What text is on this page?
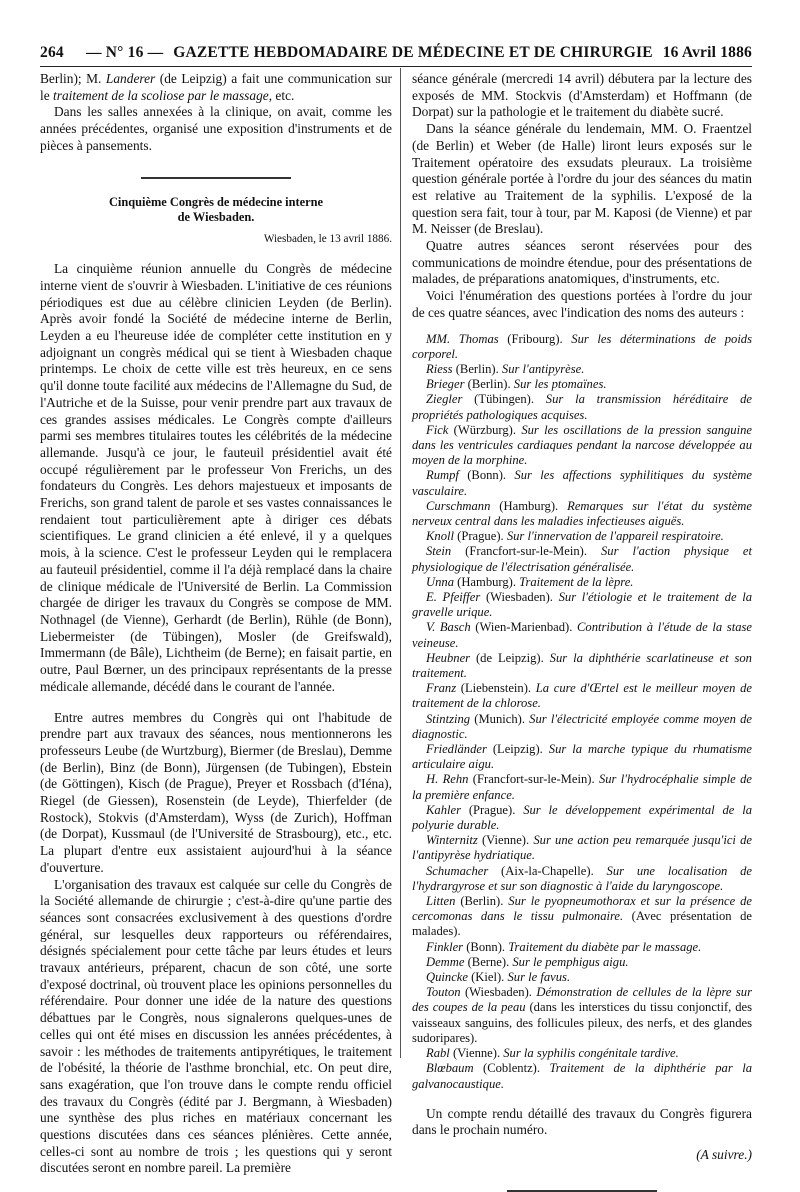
264	— N° 16 — GAZETTE HEBDOMADAIRE DE MÉDECINE ET DE CHIRURGIE 16 Avril 1886

Berlin); M. Landerer (de Leipzig) a fait une communication sur le traitement de la scoliose par le massage, etc.

Dans les salles annexées à la clinique, on avait, comme les années précédentes, organisé une exposition d'instruments et de pièces à pansements.

Cinquième Congrès de médecine interne
de Wiesbaden.

Wiesbaden, le 13 avril 1886.

La cinquième réunion annuelle du Congrès de médecine interne vient de s'ouvrir à Wiesbaden. L'initiative de ces réunions périodiques est due au célèbre clinicien Leyden (de Berlin). Après avoir fondé la Société de médecine interne de Berlin, Leyden a eu l'heureuse idée de compléter cette institution en y adjoignant un congrès médical qui se tient à Wiesbaden chaque printemps. Le choix de cette ville est très heureux, en ce sens qu'il donne toute facilité aux médecins de l'Allemagne du Sud, de l'Autriche et de la Suisse, pour venir prendre part aux travaux de ces grandes assises médicales. Le Congrès compte d'ailleurs parmi ses membres titulaires toutes les célébrités de la médecine allemande. Jusqu'à ce jour, le fauteuil présidentiel avait été occupé régulièrement par le professeur Von Frerichs, un des fondateurs du Congrès. Les dehors majestueux et imposants de Frerichs, son grand talent de parole et ses vastes connaissances le rendaient tout particulièrement apte à diriger ces débats scientifiques. Le grand clinicien a été enlevé, il y a quelques mois, à la science. C'est le professeur Leyden qui le remplacera au fauteuil présidentiel, comme il l'a déjà remplacé dans la chaire de clinique médicale de l'Université de Berlin. La Commission chargée de diriger les travaux du Congrès se compose de MM. Nothnagel (de Vienne), Gerhardt (de Berlin), Rühle (de Bonn), Liebermeister (de Tübingen), Mosler (de Greifswald), Immermann (de Bâle), Lichtheim (de Berne); en faisait partie, en outre, Paul Bœrner, un des principaux représentants de la presse médicale allemande, décédé dans le courant de l'année.

Entre autres membres du Congrès qui ont l'habitude de prendre part aux travaux des séances, nous mentionnerons les professeurs Leube (de Wurtzburg), Biermer (de Breslau), Demme (de Berlin), Binz (de Bonn), Jürgensen (de Tubingen), Ebstein (de Göttingen), Kisch (de Prague), Preyer et Rossbach (d'Iéna), Riegel (de Giessen), Rosenstein (de Leyde), Thierfelder (de Rostock), Stokvis (d'Amsterdam), Wyss (de Zurich), Hoffman (de Dorpat), Kussmaul (de l'Université de Strasbourg), etc., etc. La plupart d'entre eux assistaient aujourd'hui à la séance d'ouverture.

L'organisation des travaux est calquée sur celle du Congrès de la Société allemande de chirurgie ; c'est-à-dire qu'une partie des séances sont consacrées exclusivement à des questions d'ordre général, sur lesquelles deux rapporteurs ou référendaires, désignés spécialement pour cette tâche par leurs études et leurs travaux antérieurs, préparent, chacun de son côté, une sorte d'exposé doctrinal, où trouvent place les opinions personnelles du référendaire. Pour donner une idée de la nature des questions débattues par le Congrès, nous signalerons quelques-unes de celles qui ont été mises en discussion les années précédentes, à savoir : les méthodes de traitements antipyrétiques, le traitement de l'obésité, la théorie de l'asthme bronchial, etc. On peut dire, sans exagération, que l'on trouve dans le compte rendu officiel des travaux du Congrès (édité par J. Bergmann, à Wiesbaden) une synthèse des plus riches en matériaux concernant les questions discutées dans ces séances plénières. Cette année, celles-ci sont au nombre de trois ; les questions qui y seront discutées seront en nombre pareil. La première

séance générale (mercredi 14 avril) débutera par la lecture des exposés de MM. Stockvis (d'Amsterdam) et Hoffmann (de Dorpat) sur la pathologie et le traitement du diabète sucré.

Dans la séance générale du lendemain, MM. O. Fraentzel (de Berlin) et Weber (de Halle) liront leurs exposés sur le Traitement opératoire des exsudats pleuraux. La troisième question générale portée à l'ordre du jour des séances du matin est relative au Traitement de la syphilis. L'exposé de la question sera fait, tour à tour, par M. Kaposi (de Vienne) et par M. Neisser (de Breslau).

Quatre autres séances seront réservées pour des communications de moindre étendue, pour des présentations de malades, de préparations anatomiques, d'instruments, etc.

Voici l'énumération des questions portées à l'ordre du jour de ces quatre séances, avec l'indication des noms des auteurs :

MM. Thomas (Fribourg). Sur les déterminations de poids corporel.

Riess (Berlin). Sur l'antipyrèse.

Brieger (Berlin). Sur les ptomaïnes.

Ziegler (Tübingen). Sur la transmission héréditaire de propriétés pathologiques acquises.

Fick (Würzburg). Sur les oscillations de la pression sanguine dans les ventricules cardiaques pendant la narcose développée au moyen de la morphine.

Rumpf (Bonn). Sur les affections syphilitiques du système vasculaire.

Curschmann (Hamburg). Remarques sur l'état du système nerveux central dans les maladies infectieuses aiguës.

Knoll (Prague). Sur l'innervation de l'appareil respiratoire.

Stein (Francfort-sur-le-Mein). Sur l'action physique et physiologique de l'électrisation généralisée.

Unna (Hamburg). Traitement de la lèpre.

E. Pfeiffer (Wiesbaden). Sur l'étiologie et le traitement de la gravelle urique.

V. Basch (Wien-Marienbad). Contribution à l'étude de la stase veineuse.

Heubner (de Leipzig). Sur la diphthérie scarlatineuse et son traitement.

Franz (Liebenstein). La cure d'Œrtel est le meilleur moyen de traitement de la chlorose.

Stintzing (Munich). Sur l'électricité employée comme moyen de diagnostic.

Friedländer (Leipzig). Sur la marche typique du rhumatisme articulaire aigu.

H. Rehn (Francfort-sur-le-Mein). Sur l'hydrocéphalie simple de la première enfance.

Kahler (Prague). Sur le développement expérimental de la polyurie durable.

Winternitz (Vienne). Sur une action peu remarquée jusqu'ici de l'antipyrèse hydriatique.

Schumacher (Aix-la-Chapelle). Sur une localisation de l'hydrargyrose et sur son diagnostic à l'aide du laryngoscope.

Litten (Berlin). Sur le pyopneumothorax et sur la présence de cercomonas dans le tissu pulmonaire. (Avec présentation de malades).

Finkler (Bonn). Traitement du diabète par le massage.

Demme (Berne). Sur le pemphigus aigu.

Quincke (Kiel). Sur le favus.

Touton (Wiesbaden). Démonstration de cellules de la lèpre sur des coupes de la peau (dans les interstices du tissu conjonctif, des vaisseaux sanguins, des follicules pileux, des nerfs, et des glandes sudoripares).

Rabl (Vienne). Sur la syphilis congénitale tardive.

Blœbaum (Coblentz). Traitement de la diphthérie par la galvanocaustique.

Un compte rendu détaillé des travaux du Congrès figurera dans le prochain numéro.

(A suivre.)
